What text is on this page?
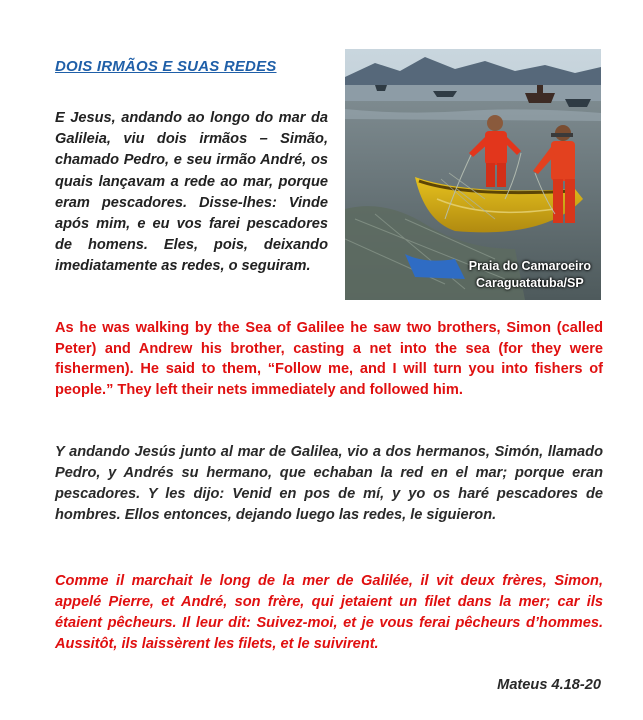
DOIS IRMÃOS E SUAS REDES
E Jesus, andando ao longo do mar da Galileia, viu dois irmãos – Simão, chamado Pedro, e seu irmão André, os quais lançavam a rede ao mar, porque eram pescadores. Disse-lhes: Vinde após mim, e eu vos farei pescadores de homens. Eles, pois, deixando imediatamente as redes, o seguiram.	Praia do Camaroeiro
Caraguatatuba/SP
As he was walking by the Sea of Galilee he saw two brothers, Simon (called Peter) and Andrew his brother, casting a net into the sea (for they were fishermen). He said to them, “Follow me, and I will turn you into fishers of people.” They left their nets immediately and followed him.
Y andando Jesús junto al mar de Galilea, vio a dos hermanos, Simón, llamado Pedro, y Andrés su hermano, que echaban la red en el mar; porque eran pescadores. Y les dijo: Venid en pos de mí, y yo os haré pescadores de hombres. Ellos entonces, dejando luego las redes, le siguieron.
Comme il marchait le long de la mer de Galilée, il vit deux frères, Simon, appelé Pierre, et André, son frère, qui jetaient un filet dans la mer; car ils étaient pêcheurs. Il leur dit: Suivez-moi, et je vous ferai pêcheurs d’hommes. Aussitôt, ils laissèrent les filets, et le suivirent.
Mateus 4.18-20
